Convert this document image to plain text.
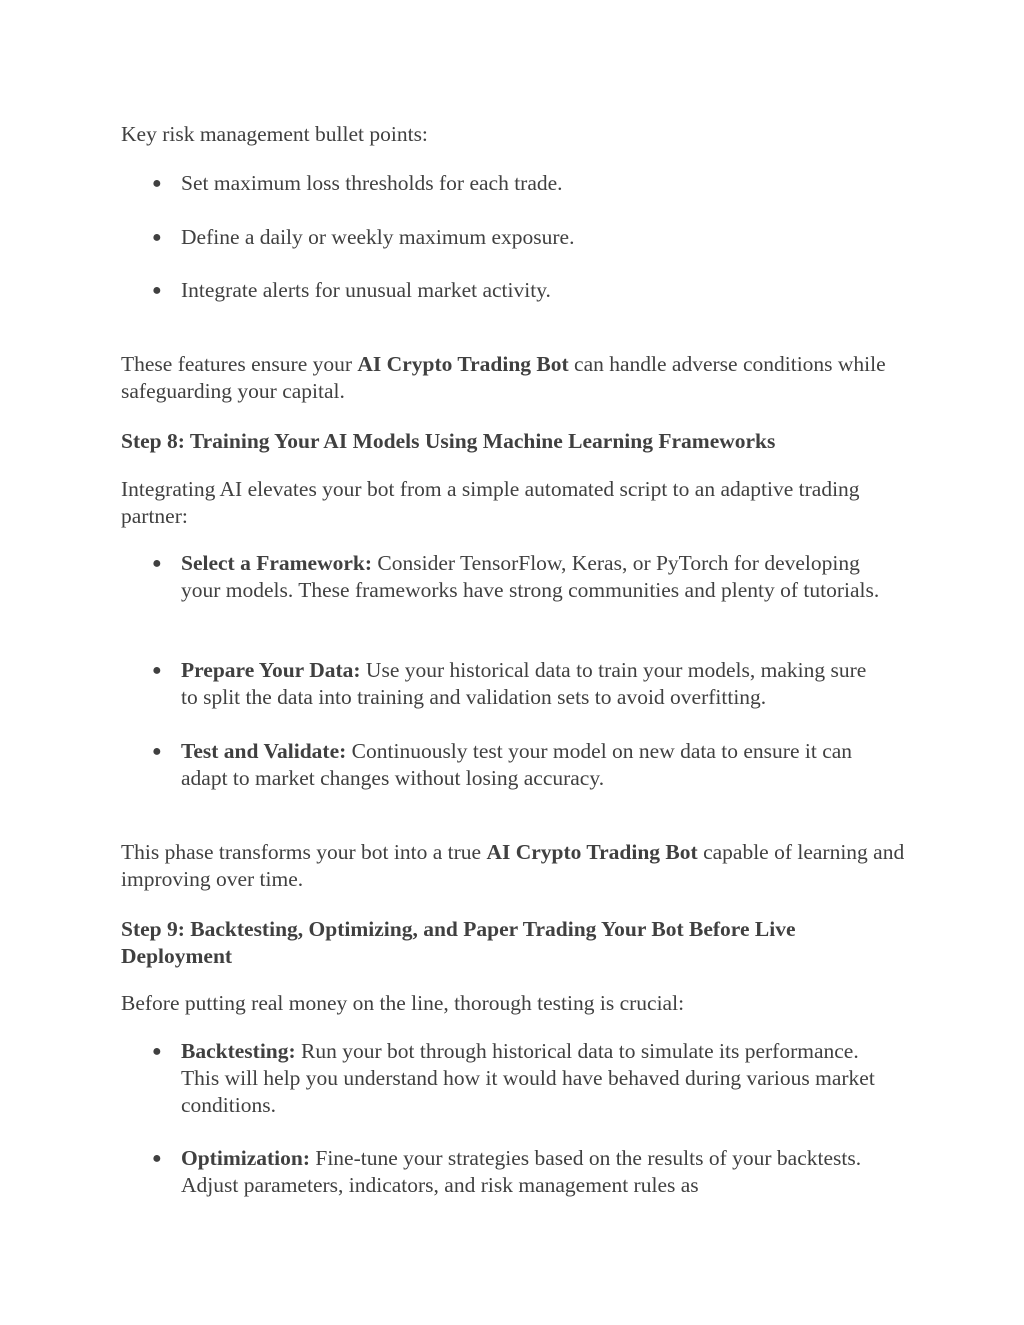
Key risk management bullet points:

● Set maximum loss thresholds for each trade.
● Define a daily or weekly maximum exposure.
● Integrate alerts for unusual market activity.

These features ensure your AI Crypto Trading Bot can handle adverse conditions while safeguarding your capital.

Step 8: Training Your AI Models Using Machine Learning Frameworks

Integrating AI elevates your bot from a simple automated script to an adaptive trading partner:

● Select a Framework: Consider TensorFlow, Keras, or PyTorch for developing your models. These frameworks have strong communities and plenty of tutorials.
● Prepare Your Data: Use your historical data to train your models, making sure to split the data into training and validation sets to avoid overfitting.
● Test and Validate: Continuously test your model on new data to ensure it can adapt to market changes without losing accuracy.

This phase transforms your bot into a true AI Crypto Trading Bot capable of learning and improving over time.

Step 9: Backtesting, Optimizing, and Paper Trading Your Bot Before Live Deployment

Before putting real money on the line, thorough testing is crucial:

● Backtesting: Run your bot through historical data to simulate its performance. This will help you understand how it would have behaved during various market conditions.
● Optimization: Fine-tune your strategies based on the results of your backtests. Adjust parameters, indicators, and risk management rules as
